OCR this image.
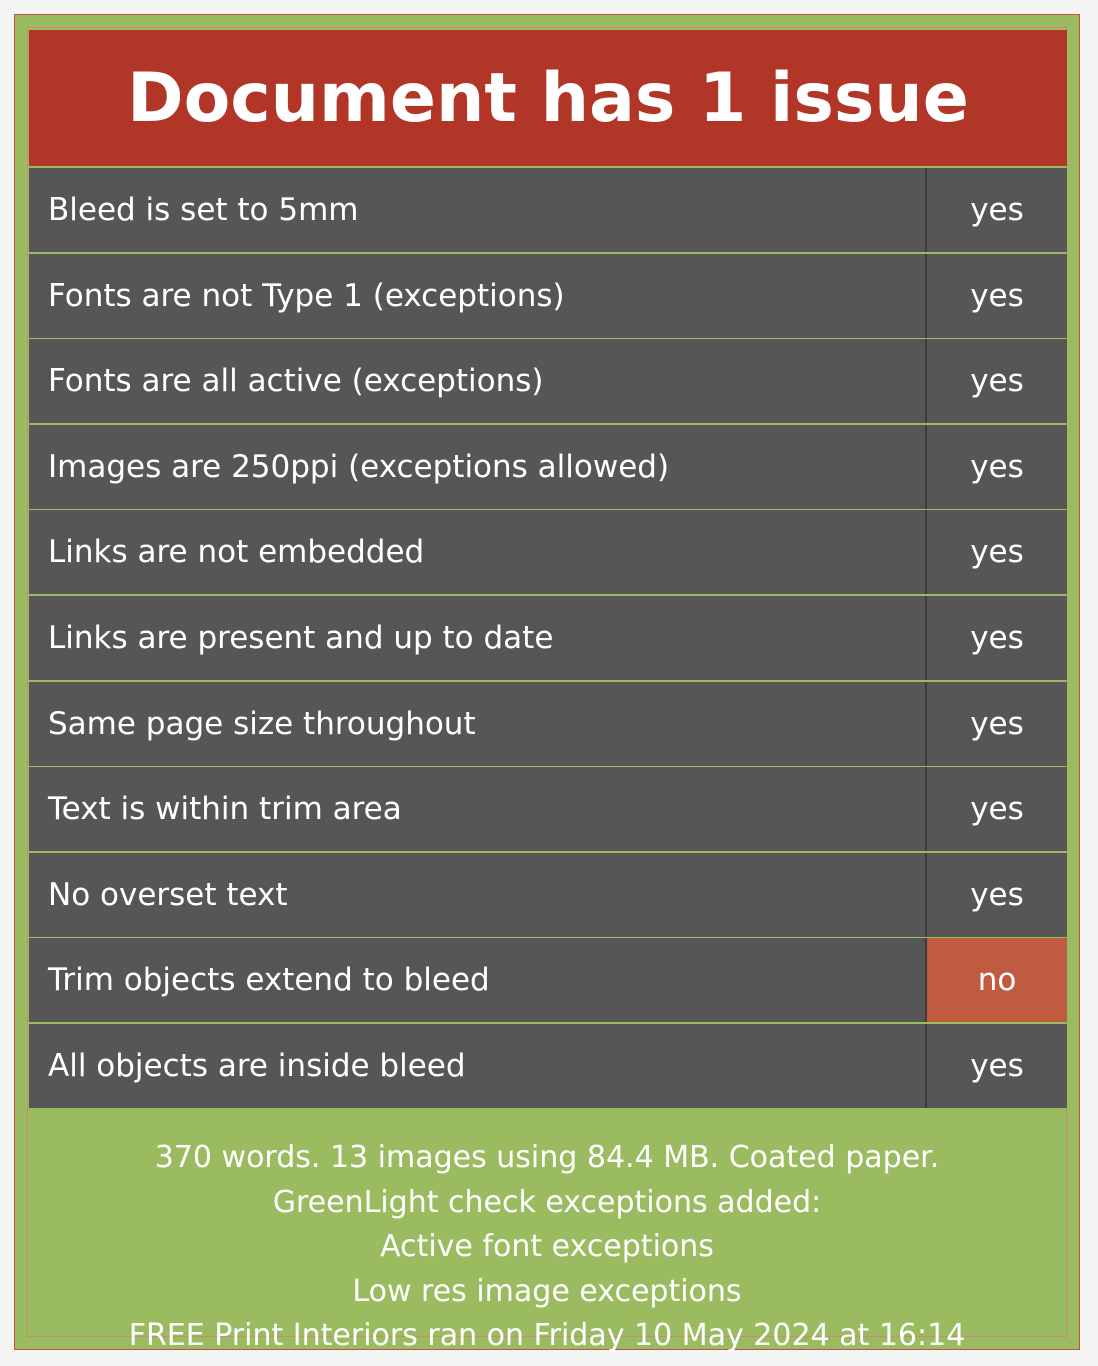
Document has 1 issue
Bleed is set to 5mm	yes
Fonts are not Type 1 (exceptions)	yes
Fonts are all active (exceptions)	yes
Images are 250ppi (exceptions allowed)	yes
Links are not embedded	yes
Links are present and up to date	yes
Same page size throughout	yes
Text is within trim area	yes
No overset text	yes
Trim objects extend to bleed	no
All objects are inside bleed	yes
370 words. 13 images using 84.4 MB. Coated paper.
GreenLight check exceptions added:
Active font exceptions
Low res image exceptions
FREE Print Interiors ran on Friday 10 May 2024 at 16:14
